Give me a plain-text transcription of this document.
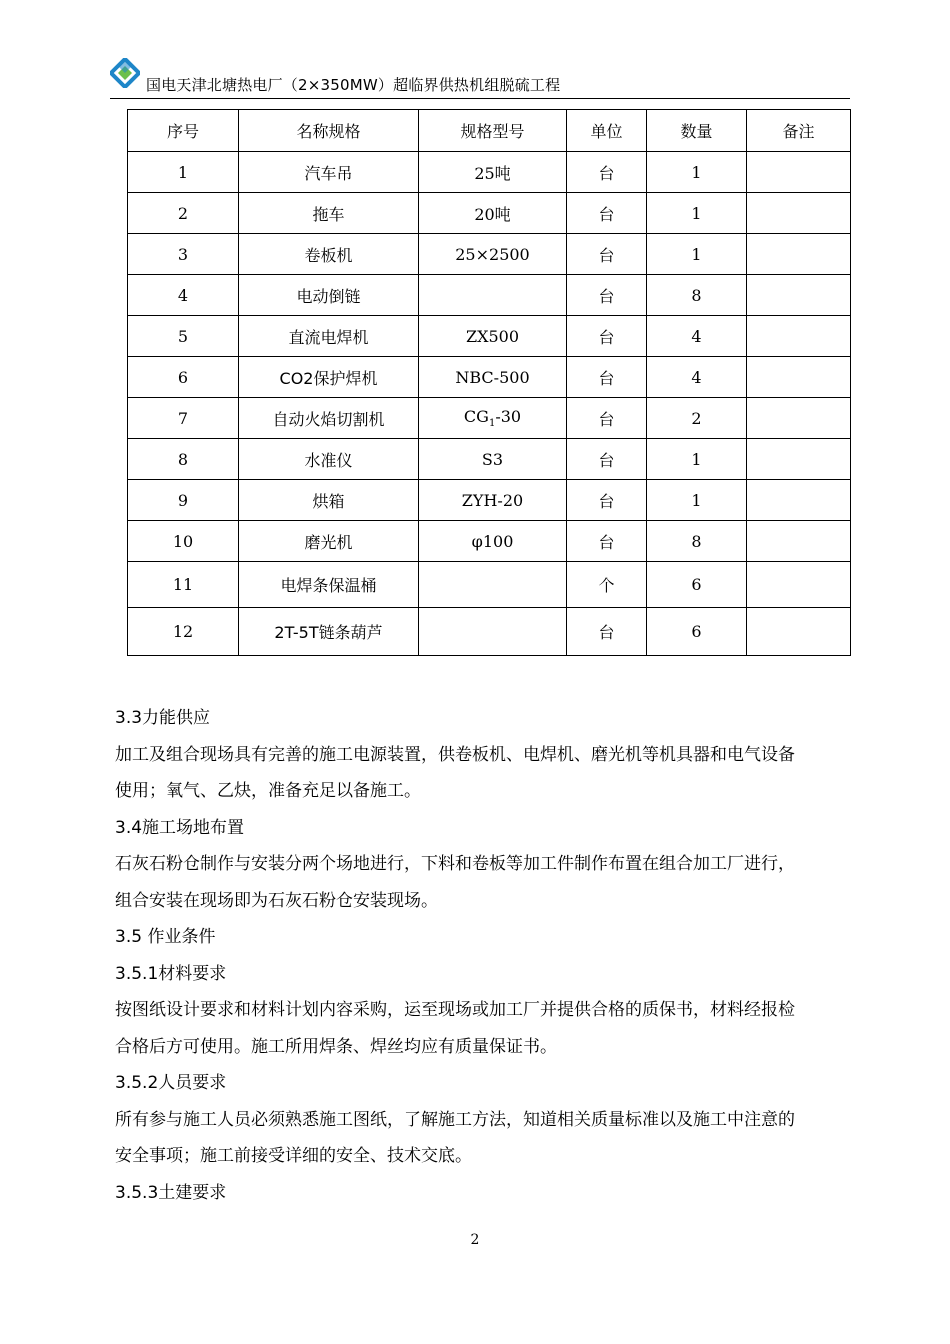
国电天津北塘热电厂（2×350MW）超临界供热机组脱硫工程
序号	名称规格	规格型号	单位	数量	备注
1	汽车吊	25吨	台	1	
2	拖车	20吨	台	1	
3	卷板机	25×2500	台	1	
4	电动倒链		台	8	
5	直流电焊机	ZX500	台	4	
6	CO2保护焊机	NBC-500	台	4	
7	自动火焰切割机	$CG_1-30$	台	2	
8	水准仪	S3	台	1	
9	烘箱	ZYH-20	台	1	
10	磨光机	φ100	台	8	
11	电焊条保温桶		个	6	
12	2T-5T链条葫芦		台	6	

3.3力能供应

加工及组合现场具有完善的施工电源装置，供卷板机、电焊机、磨光机等机具器和电气设备

使用；氧气、乙炔，准备充足以备施工。

3.4施工场地布置

石灰石粉仓制作与安装分两个场地进行，下料和卷板等加工件制作布置在组合加工厂进行，

组合安装在现场即为石灰石粉仓安装现场。

3.5 作业条件

3.5.1材料要求

按图纸设计要求和材料计划内容采购，运至现场或加工厂并提供合格的质保书，材料经报检

合格后方可使用。施工所用焊条、焊丝均应有质量保证书。

3.5.2人员要求

所有参与施工人员必须熟悉施工图纸，了解施工方法，知道相关质量标准以及施工中注意的

安全事项；施工前接受详细的安全、技术交底。

3.5.3土建要求

2
